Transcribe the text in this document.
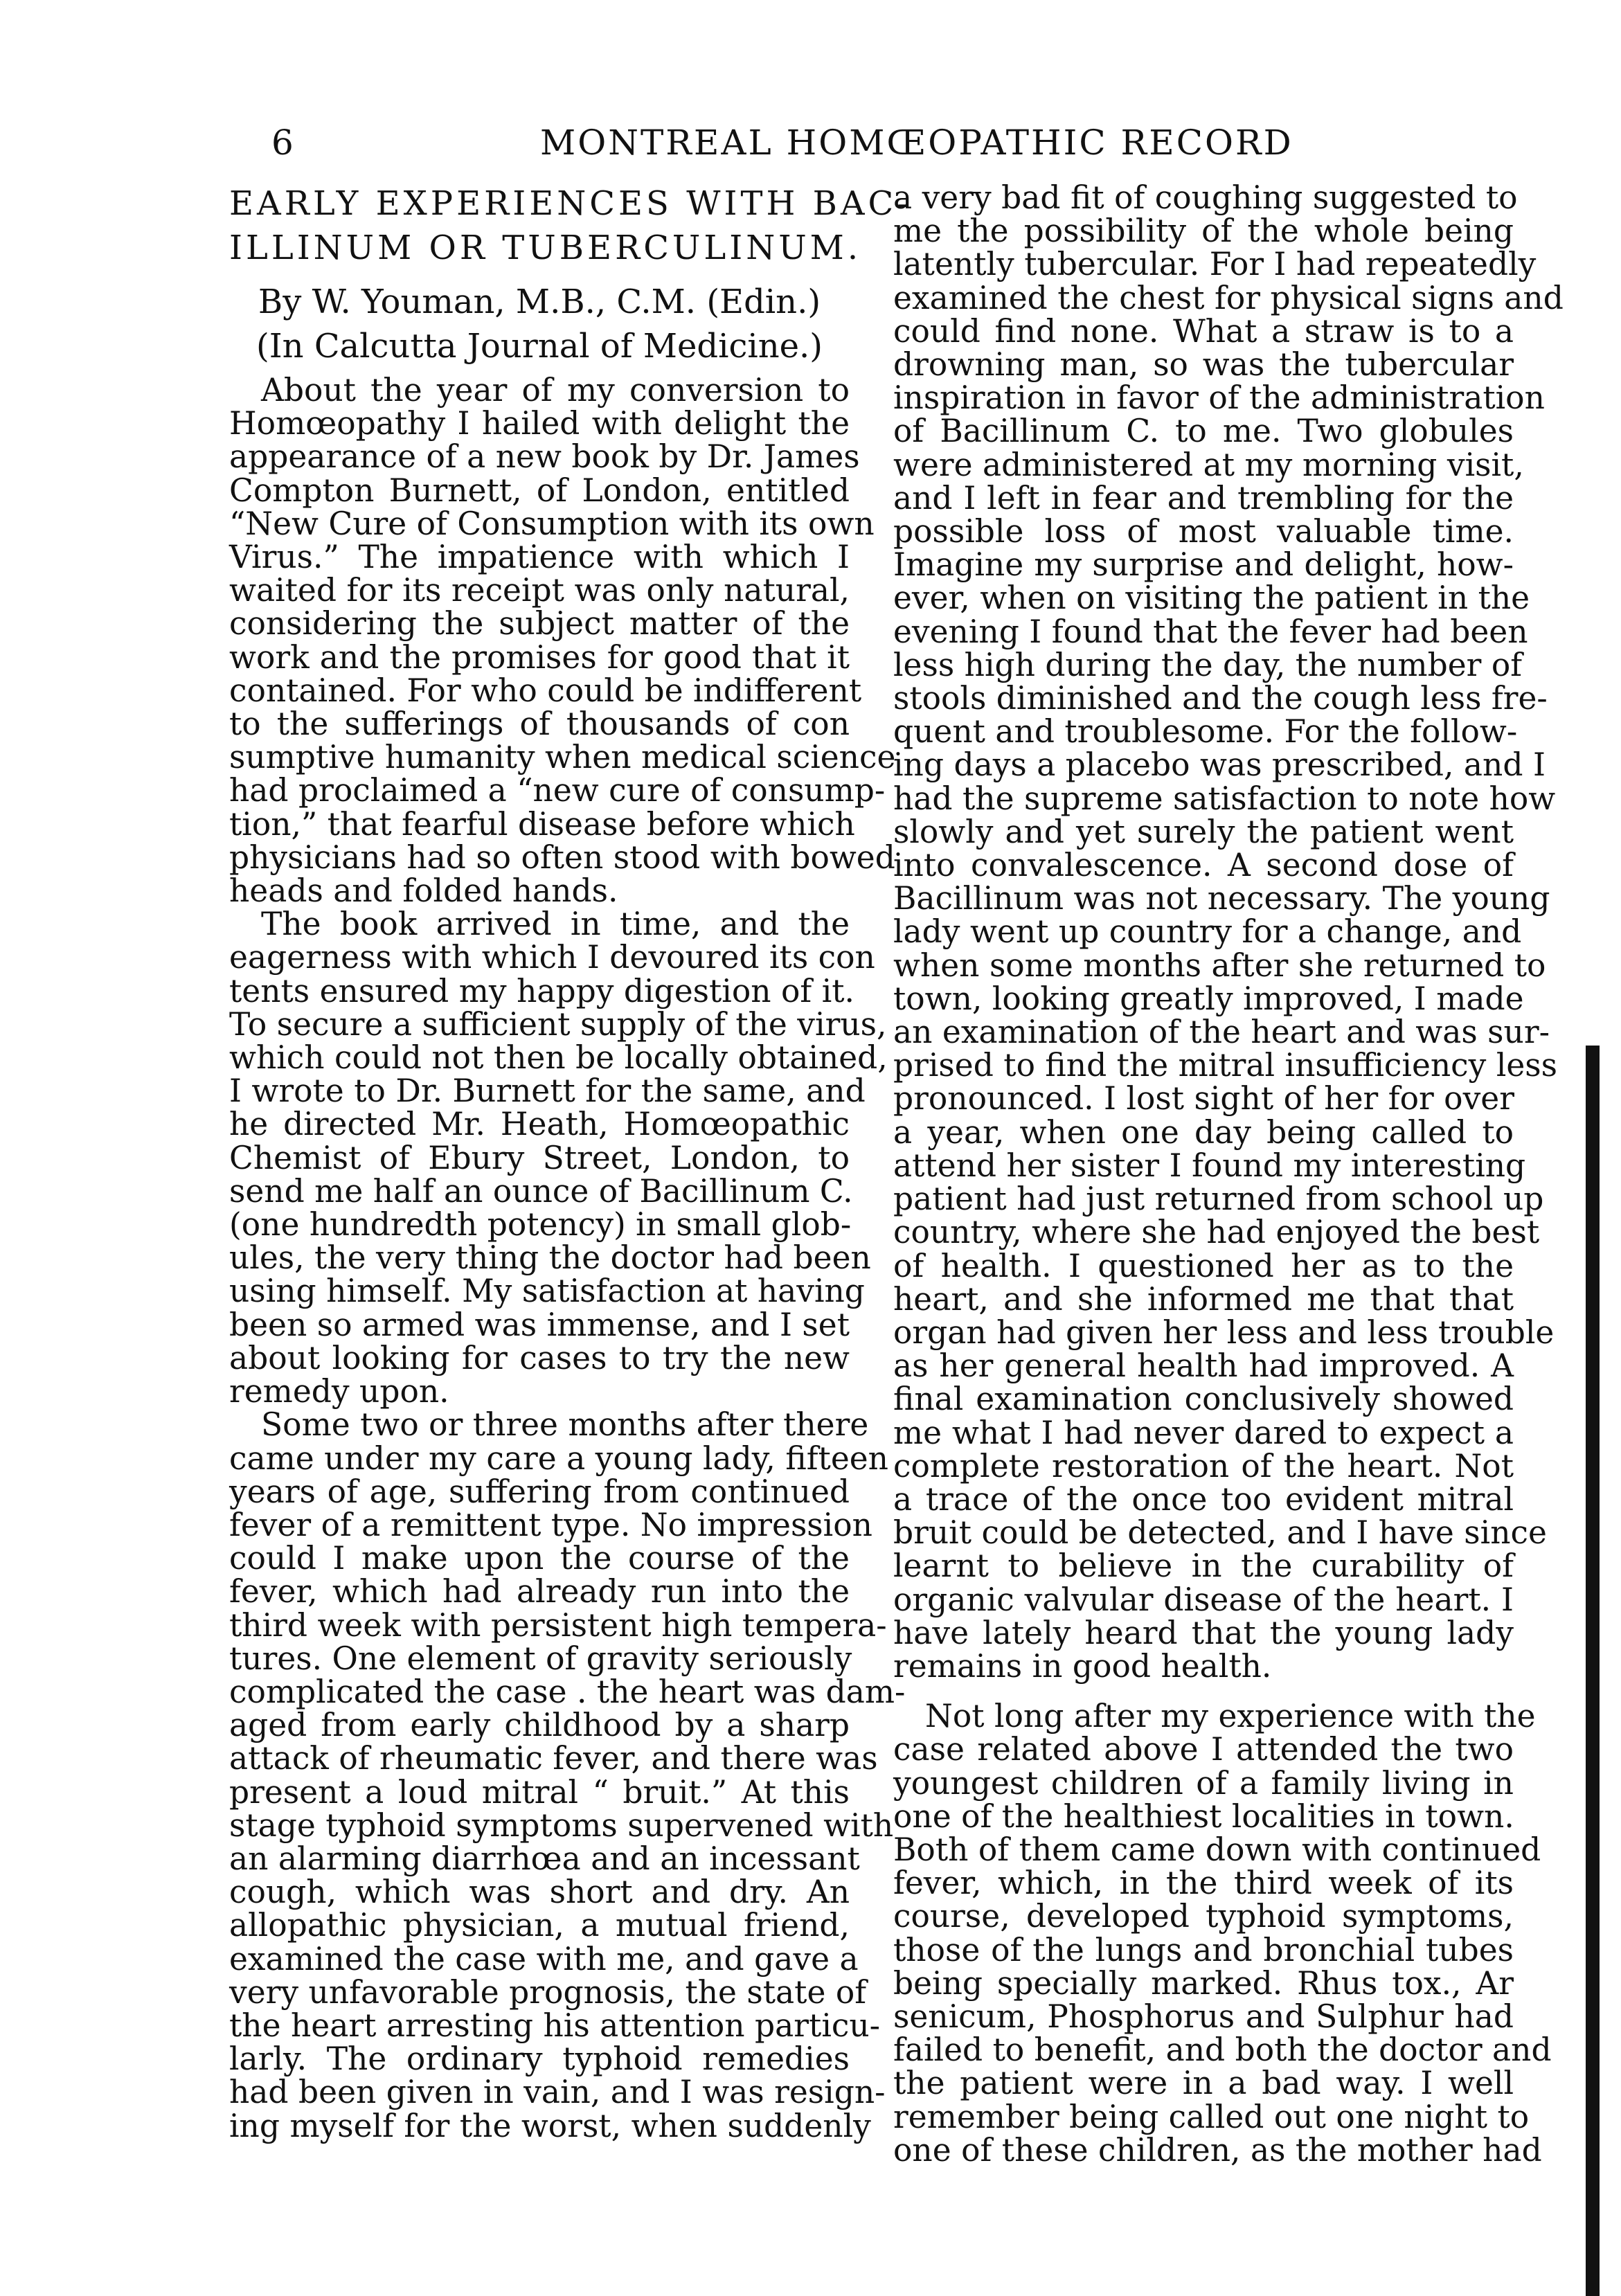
6	MONTREAL HOMŒOPATHIC RECORD
EARLY EXPERIENCES WITH BAC-
ILLINUM OR TUBERCULINUM.
By W. Youman, M.B., C.M. (Edin.)
(In Calcutta Journal of Medicine.)
About the year of my conversion to
Homœopathy I hailed with delight the
appearance of a new book by Dr. James
Compton Burnett, of London, entitled
“New Cure of Consumption with its own
Virus.” The impatience with which I
waited for its receipt was only natural,
considering the subject matter of the
work and the promises for good that it
contained. For who could be indifferent
to the sufferings of thousands of con
sumptive humanity when medical science
had proclaimed a “new cure of consump-
tion,” that fearful disease before which
physicians had so often stood with bowed
heads and folded hands.
The book arrived in time, and the
eagerness with which I devoured its con
tents ensured my happy digestion of it.
To secure a sufficient supply of the virus,
which could not then be locally obtained,
I wrote to Dr. Burnett for the same, and
he directed Mr. Heath, Homœopathic
Chemist of Ebury Street, London, to
send me half an ounce of Bacillinum C.
(one hundredth potency) in small glob-
ules, the very thing the doctor had been
using himself. My satisfaction at having
been so armed was immense, and I set
about looking for cases to try the new
remedy upon.
Some two or three months after there
came under my care a young lady, fifteen
years of age, suffering from continued
fever of a remittent type. No impression
could I make upon the course of the
fever, which had already run into the
third week with persistent high tempera-
tures. One element of gravity seriously
complicated the case . the heart was dam-
aged from early childhood by a sharp
attack of rheumatic fever, and there was
present a loud mitral “ bruit.” At this
stage typhoid symptoms supervened with
an alarming diarrhœa and an incessant
cough, which was short and dry. An
allopathic physician, a mutual friend,
examined the case with me, and gave a
very unfavorable prognosis, the state of
the heart arresting his attention particu-
larly. The ordinary typhoid remedies
had been given in vain, and I was resign-
ing myself for the worst, when suddenly
a very bad fit of coughing suggested to
me the possibility of the whole being
latently tubercular. For I had repeatedly
examined the chest for physical signs and
could find none. What a straw is to a
drowning man, so was the tubercular
inspiration in favor of the administration
of Bacillinum C. to me. Two globules
were administered at my morning visit,
and I left in fear and trembling for the
possible loss of most valuable time.
Imagine my surprise and delight, how-
ever, when on visiting the patient in the
evening I found that the fever had been
less high during the day, the number of
stools diminished and the cough less fre-
quent and troublesome. For the follow-
ing days a placebo was prescribed, and I
had the supreme satisfaction to note how
slowly and yet surely the patient went
into convalescence. A second dose of
Bacillinum was not necessary. The young
lady went up country for a change, and
when some months after she returned to
town, looking greatly improved, I made
an examination of the heart and was sur-
prised to find the mitral insufficiency less
pronounced. I lost sight of her for over
a year, when one day being called to
attend her sister I found my interesting
patient had just returned from school up
country, where she had enjoyed the best
of health. I questioned her as to the
heart, and she informed me that that
organ had given her less and less trouble
as her general health had improved. A
final examination conclusively showed
me what I had never dared to expect a
complete restoration of the heart. Not
a trace of the once too evident mitral
bruit could be detected, and I have since
learnt to believe in the curability of
organic valvular disease of the heart. I
have lately heard that the young lady
remains in good health.
Not long after my experience with the
case related above I attended the two
youngest children of a family living in
one of the healthiest localities in town.
Both of them came down with continued
fever, which, in the third week of its
course, developed typhoid symptoms,
those of the lungs and bronchial tubes
being specially marked. Rhus tox., Ar
senicum, Phosphorus and Sulphur had
failed to benefit, and both the doctor and
the patient were in a bad way. I well
remember being called out one night to
one of these children, as the mother had
